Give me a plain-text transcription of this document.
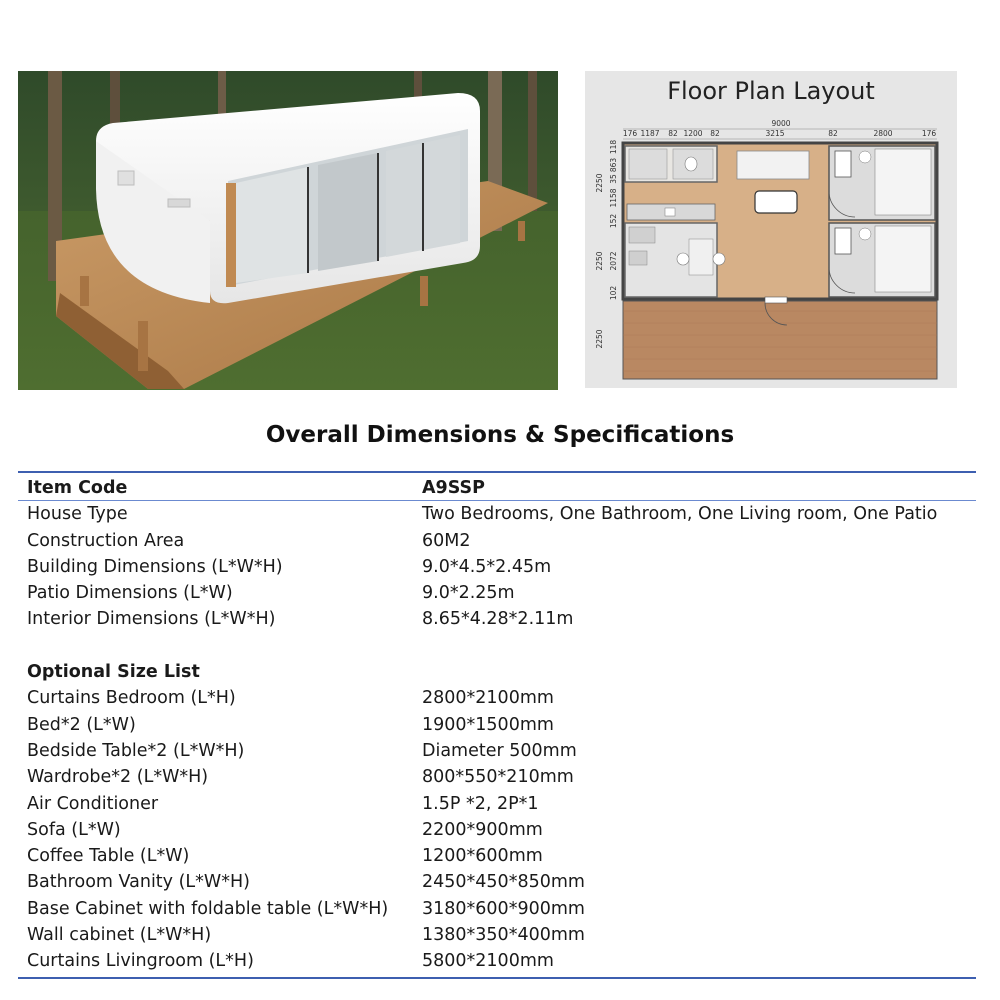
Floor Plan Layout
9000
176 1187 82 1200 82	3215	82	2800	176
2250
118
863
35
1158
152
2250 2072
102
2250
Overall Dimensions & Specifications
Item Code	A9SSP
House Type	Two Bedrooms, One Bathroom, One Living room, One Patio
Construction Area	60M2
Building Dimensions (L*W*H)	9.0*4.5*2.45m
Patio Dimensions (L*W)	9.0*2.25m
Interior Dimensions (L*W*H)	8.65*4.28*2.11m
Optional Size List
Curtains Bedroom (L*H)	2800*2100mm
Bed*2 (L*W)	1900*1500mm
Bedside Table*2 (L*W*H)	Diameter 500mm
Wardrobe*2 (L*W*H)	800*550*210mm
Air Conditioner	1.5P *2, 2P*1
Sofa (L*W)	2200*900mm
Coffee Table (L*W)	1200*600mm
Bathroom Vanity (L*W*H)	2450*450*850mm
Base Cabinet with foldable table (L*W*H) 3180*600*900mm
Wall cabinet (L*W*H)	1380*350*400mm
Curtains Livingroom (L*H)	5800*2100mm
